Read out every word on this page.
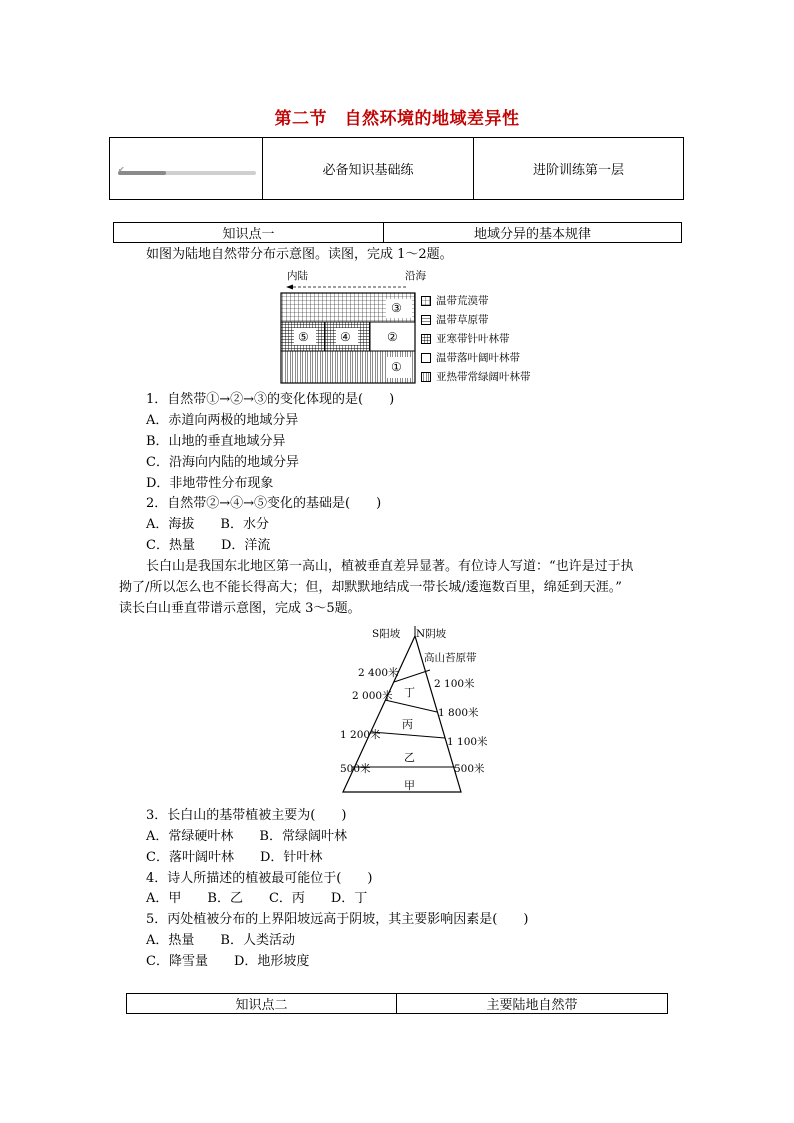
第二节　自然环境的地域差异性
✔	必备知识基础练	进阶训练第一层
知识点一	地域分异的基本规律
如图为陆地自然带分布示意图。读图，完成 1～2题。
内陆	沿海
③
②
④
⑤
①
温带荒漠带
温带草原带
亚寒带针叶林带
温带落叶阔叶林带
亚热带常绿阔叶林带
1．自然带①→②→③的变化体现的是(　　)
A．赤道向两极的地域分异
B．山地的垂直地域分异
C．沿海向内陆的地域分异
D．非地带性分布现象
2．自然带②→④→⑤变化的基础是(　　)
A．海拔　　B．水分
C．热量　　D．洋流
长白山是我国东北地区第一高山，植被垂直差异显著。有位诗人写道：“也许是过于执
拗了/所以怎么也不能长得高大；但，却默默地结成一带长城/逶迤数百里，绵延到天涯。”
读长白山垂直带谱示意图，完成 3～5题。
S阳坡 N阴坡
高山苔原带
2 400米
2 000米
1 200米
500米
2 100米
1 800米
1 100米
500米
丁
丙
乙
甲
3．长白山的基带植被主要为(　　)
A．常绿硬叶林　　B．常绿阔叶林
C．落叶阔叶林　　D．针叶林
4．诗人所描述的植被最可能位于(　　)
A．甲　　B．乙　　C．丙　　D．丁
5．丙处植被分布的上界阳坡远高于阴坡，其主要影响因素是(　　)
A．热量　　B．人类活动
C．降雪量　　D．地形坡度
知识点二	主要陆地自然带
